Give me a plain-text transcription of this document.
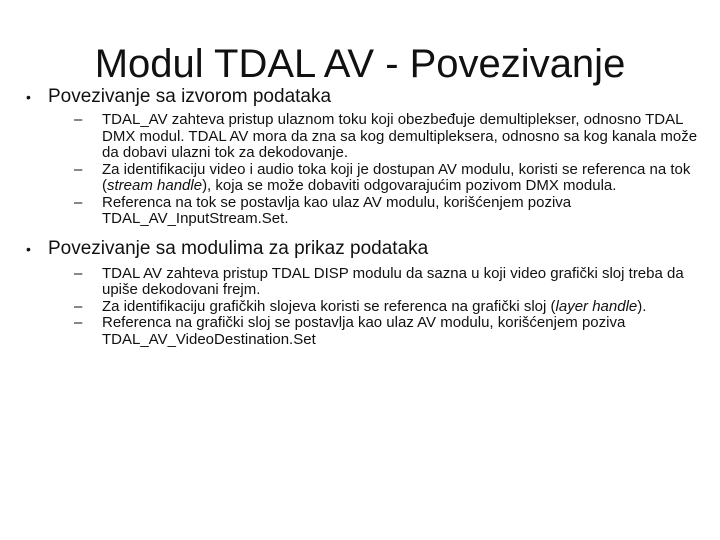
Modul TDAL AV - Povezivanje
• Povezivanje sa izvorom podataka
–	TDAL_AV zahteva pristup ulaznom toku koji obezbeđuje demultiplekser, odnosno TDAL DMX modul. TDAL AV mora da zna sa kog demultipleksera, odnosno sa kog kanala može da dobavi ulazni tok za dekodovanje.
–	Za identifikaciju video i audio toka koji je dostupan AV modulu, koristi se referenca na tok (stream handle), koja se može dobaviti odgovarajućim pozivom DMX modula.
–	Referenca na tok se postavlja kao ulaz AV modulu, korišćenjem poziva TDAL_AV_InputStream.Set.
• Povezivanje sa modulima za prikaz podataka
–	TDAL AV zahteva pristup TDAL DISP modulu da sazna u koji video grafički sloj treba da upiše dekodovani frejm.
–	Za identifikaciju grafičkih slojeva koristi se referenca na grafički sloj (layer handle).
–	Referenca na grafički sloj se postavlja kao ulaz AV modulu, korišćenjem poziva TDAL_AV_VideoDestination.Set
